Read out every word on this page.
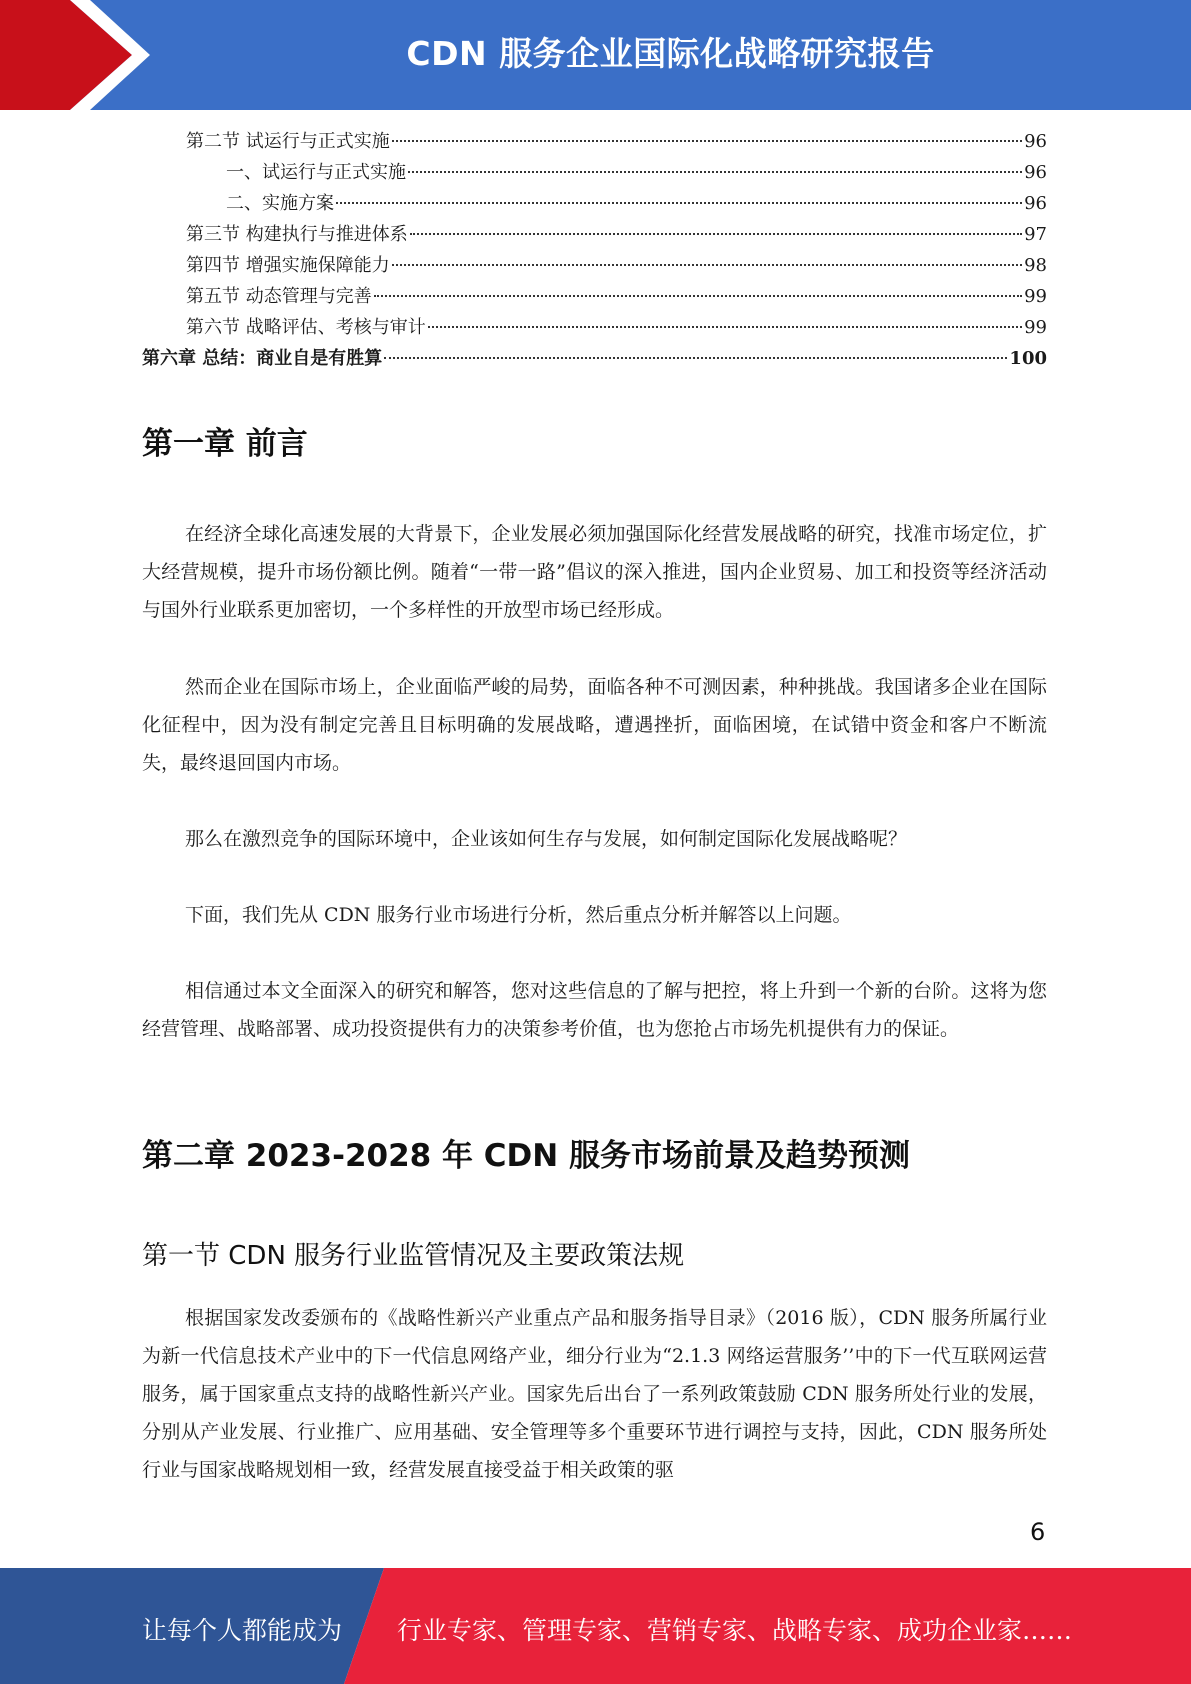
CDN 服务企业国际化战略研究报告
第二节 试运行与正式实施	96
一、试运行与正式实施	96
二、实施方案	96
第三节 构建执行与推进体系	97
第四节 增强实施保障能力	98
第五节 动态管理与完善	99
第六节 战略评估、考核与审计	99
第六章 总结：商业自是有胜算	100
第一章 前言

在经济全球化高速发展的大背景下，企业发展必须加强国际化经营发展战略的研究，找准市场定位，扩大经营规模，提升市场份额比例。随着“一带一路”倡议的深入推进，国内企业贸易、加工和投资等经济活动与国外行业联系更加密切，一个多样性的开放型市场已经形成。

然而企业在国际市场上，企业面临严峻的局势，面临各种不可测因素，种种挑战。我国诸多企业在国际化征程中，因为没有制定完善且目标明确的发展战略，遭遇挫折，面临困境，在试错中资金和客户不断流失，最终退回国内市场。

那么在激烈竞争的国际环境中，企业该如何生存与发展，如何制定国际化发展战略呢？

下面，我们先从 CDN 服务行业市场进行分析，然后重点分析并解答以上问题。

相信通过本文全面深入的研究和解答，您对这些信息的了解与把控，将上升到一个新的台阶。这将为您经营管理、战略部署、成功投资提供有力的决策参考价值，也为您抢占市场先机提供有力的保证。

第二章 2023-2028 年 CDN 服务市场前景及趋势预测
第一节 CDN 服务行业监管情况及主要政策法规

根据国家发改委颁布的《战略性新兴产业重点产品和服务指导目录》（2016 版），CDN 服务所属行业为新一代信息技术产业中的下一代信息网络产业，细分行业为“2.1.3 网络运营服务’’中的下一代互联网运营服务，属于国家重点支持的战略性新兴产业。国家先后出台了一系列政策鼓励 CDN 服务所处行业的发展，分别从产业发展、行业推广、应用基础、安全管理等多个重要环节进行调控与支持，因此，CDN 服务所处行业与国家战略规划相一致，经营发展直接受益于相关政策的驱

6
让每个人都能成为 行业专家、管理专家、营销专家、战略专家、成功企业家……
